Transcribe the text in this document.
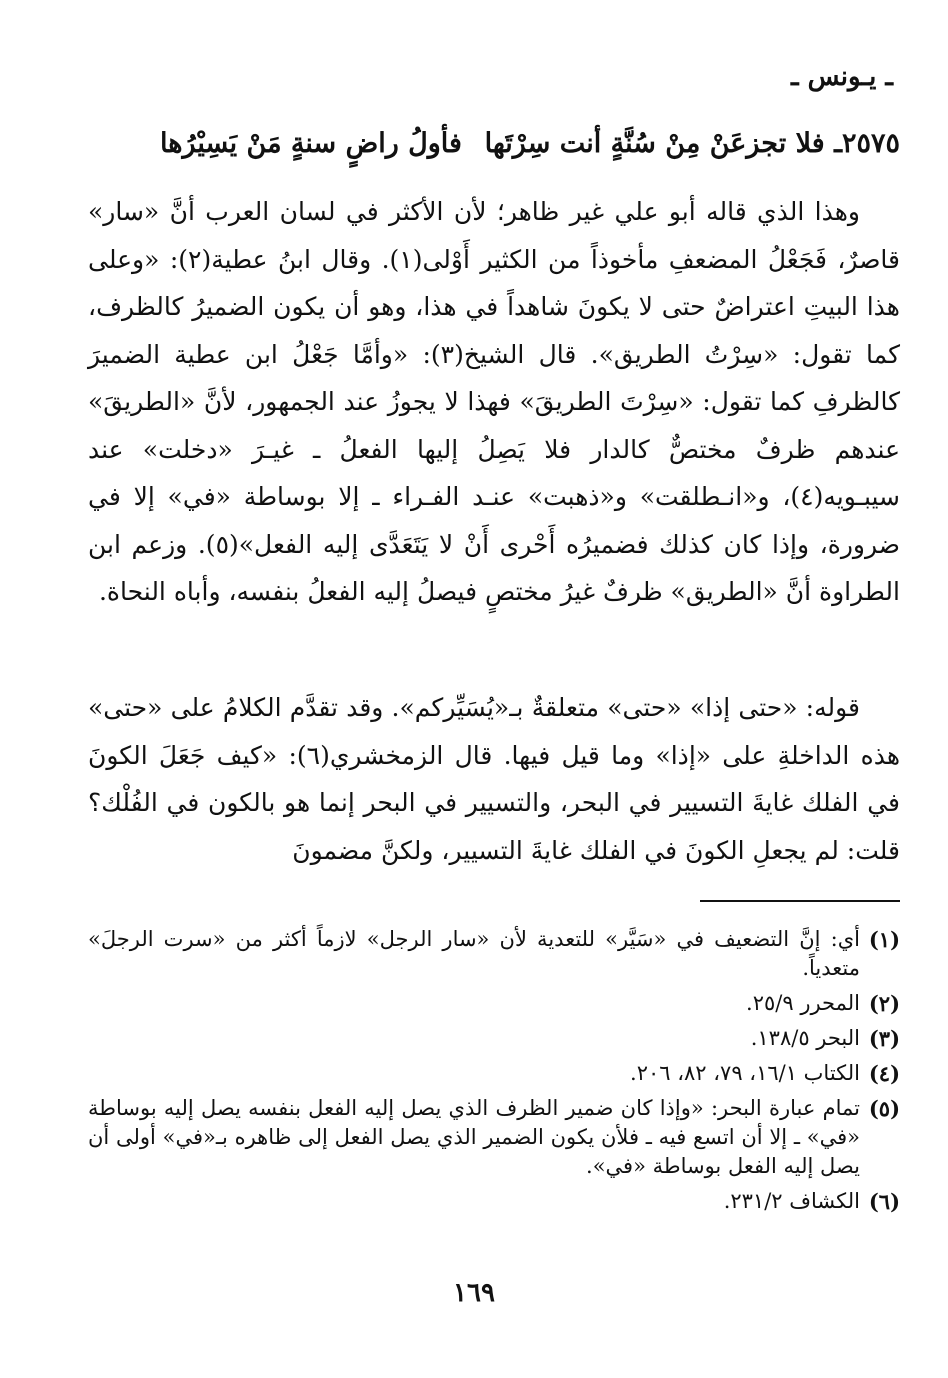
ـ يـونس ـ
٢٥٧٥ـ فلا تجزعَنْ مِنْ سُنَّةٍ أنت سِرْتَها
فأولُ راضٍ سنةٍ مَنْ يَسِيْرُها

وهذا الذي قاله أبو علي غير ظاهر؛ لأن الأكثر في لسان العرب أنَّ «سار» قاصرٌ، فَجَعْلُ المضعفِ مأخوذاً من الكثير أَوْلى(١). وقال ابنُ عطية(٢): «وعلى هذا البيتِ اعتراضٌ حتى لا يكونَ شاهداً في هذا، وهو أن يكون الضميرُ كالظرف، كما تقول: «سِرْتُ الطريق». قال الشيخ(٣): «وأمَّا جَعْلُ ابن عطية الضميرَ كالظرفِ كما تقول: «سِرْتَ الطريقَ» فهذا لا يجوزُ عند الجمهور، لأنَّ «الطريقَ» عندهم ظرفٌ مختصٌّ كالدار فلا يَصِلُ إليها الفعلُ ـ غيـرَ «دخلت» عند سيبـويه(٤)، و«انـطلقت» و«ذهبت» عنـد الفـراء ـ إلا بوساطة «في» إلا في ضرورة، وإذا كان كذلك فضميرُه أَحْرى أَنْ لا يَتَعَدَّى إليه الفعل»(٥). وزعم ابن الطراوة أنَّ «الطريق» ظرفٌ غيرُ مختصٍ فيصلُ إليه الفعلُ بنفسه، وأباه النحاة.

قوله: «حتى إذا» «حتى» متعلقةٌ بـ«يُسَيِّركم». وقد تقدَّم الكلامُ على «حتى» هذه الداخلةِ على «إذا» وما قيل فيها. قال الزمخشري(٦): «كيف جَعَلَ الكونَ في الفلك غايةَ التسيير في البحر، والتسيير في البحر إنما هو بالكون في الفُلْك؟ قلت: لم يجعلِ الكونَ في الفلك غايةَ التسيير، ولكنَّ مضمونَ

(١)
أي: إنَّ التضعيف في «سَيَّر» للتعدية لأن «سار الرجل» لازماً أكثر من «سرت الرجلَ» متعدياً.
(٢)
المحرر ٢٥/٩.
(٣)
البحر ١٣٨/٥.
(٤)
الكتاب ١٦/١، ٧٩، ٨٢، ٢٠٦.
(٥)
تمام عبارة البحر: «وإذا كان ضمير الظرف الذي يصل إليه الفعل بنفسه يصل إليه بوساطة «في» ـ إلا أن اتسع فيه ـ فلأن يكون الضمير الذي يصل الفعل إلى ظاهره بـ«في» أولى أن يصل إليه الفعل بوساطة «في».
(٦)
الكشاف ٢٣١/٢.
١٦٩
